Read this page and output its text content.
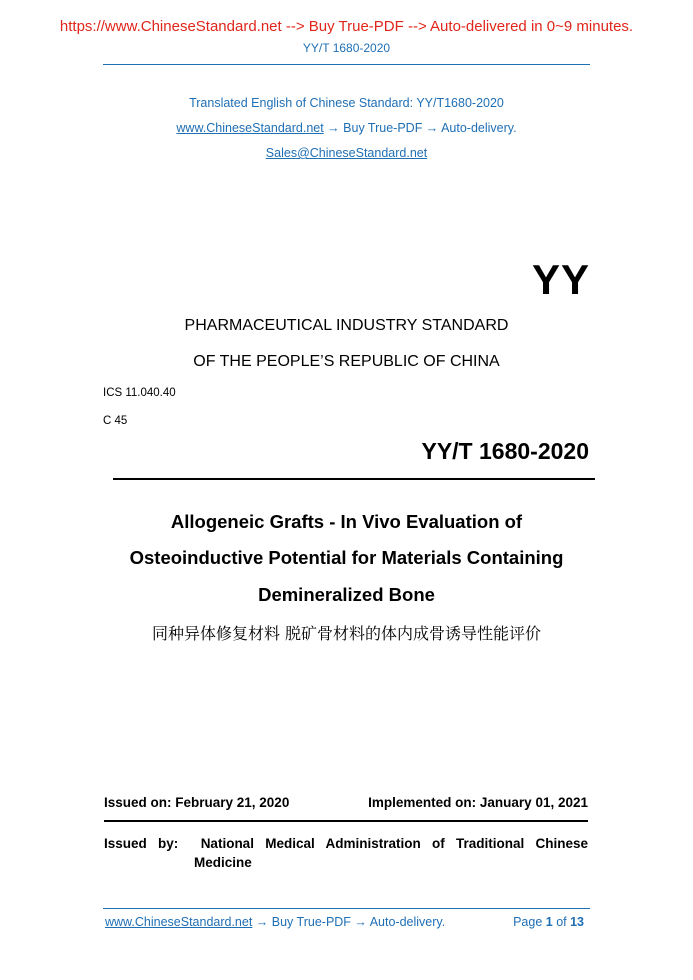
https://www.ChineseStandard.net --> Buy True-PDF --> Auto-delivered in 0~9 minutes.
YY/T 1680-2020
Translated English of Chinese Standard: YY/T1680-2020
www.ChineseStandard.net → Buy True-PDF → Auto-delivery.
Sales@ChineseStandard.net
YY
PHARMACEUTICAL INDUSTRY STANDARD
OF THE PEOPLE’S REPUBLIC OF CHINA
ICS 11.040.40
C 45
YY/T 1680-2020
Allogeneic Grafts - In Vivo Evaluation of
Osteoinductive Potential for Materials Containing
Demineralized Bone
同种异体修复材料 脱矿骨材料的体内成骨诱导性能评价
Issued on: February 21, 2020	Implemented on: January 01, 2021
Issued   by:	National   Medical   Administration   of   Traditional   Chinese
Medicine
www.ChineseStandard.net → Buy True-PDF → Auto-delivery.	Page 1 of 13
